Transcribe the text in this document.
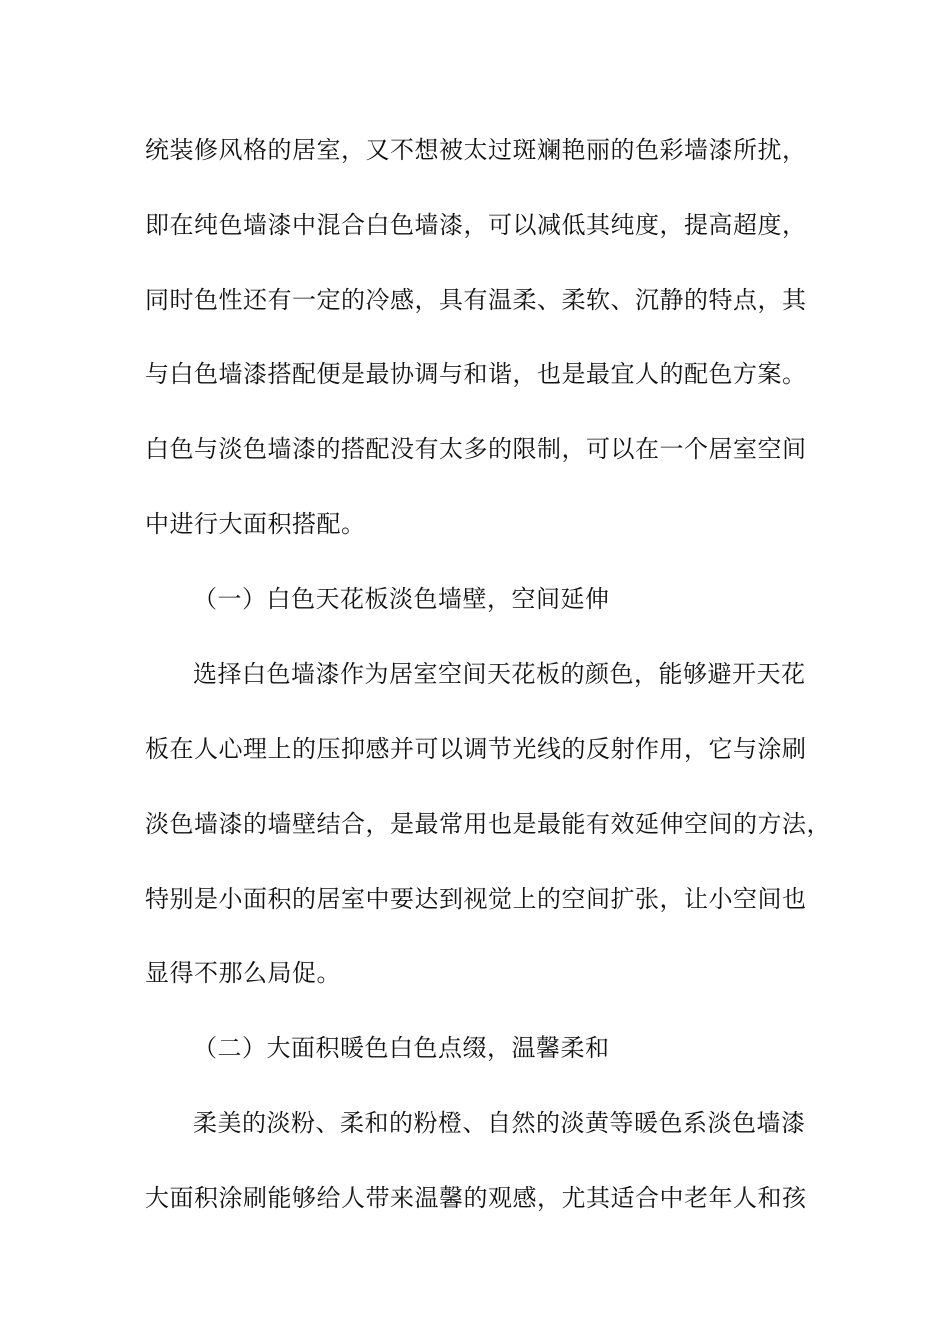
统装修风格的居室，又不想被太过斑斓艳丽的色彩墙漆所扰，
即在纯色墙漆中混合白色墙漆，可以减低其纯度，提高超度，
同时色性还有一定的冷感，具有温柔、柔软、沉静的特点，其
与白色墙漆搭配便是最协调与和谐，也是最宜人的配色方案。
白色与淡色墙漆的搭配没有太多的限制，可以在一个居室空间
中进行大面积搭配。
（一）白色天花板淡色墙壁，空间延伸
选择白色墙漆作为居室空间天花板的颜色，能够避开天花
板在人心理上的压抑感并可以调节光线的反射作用，它与涂刷
淡色墙漆的墙壁结合，是最常用也是最能有效延伸空间的方法，
特别是小面积的居室中要达到视觉上的空间扩张，让小空间也
显得不那么局促。
（二）大面积暖色白色点缀，温馨柔和
柔美的淡粉、柔和的粉橙、自然的淡黄等暖色系淡色墙漆
大面积涂刷能够给人带来温馨的观感，尤其适合中老年人和孩
